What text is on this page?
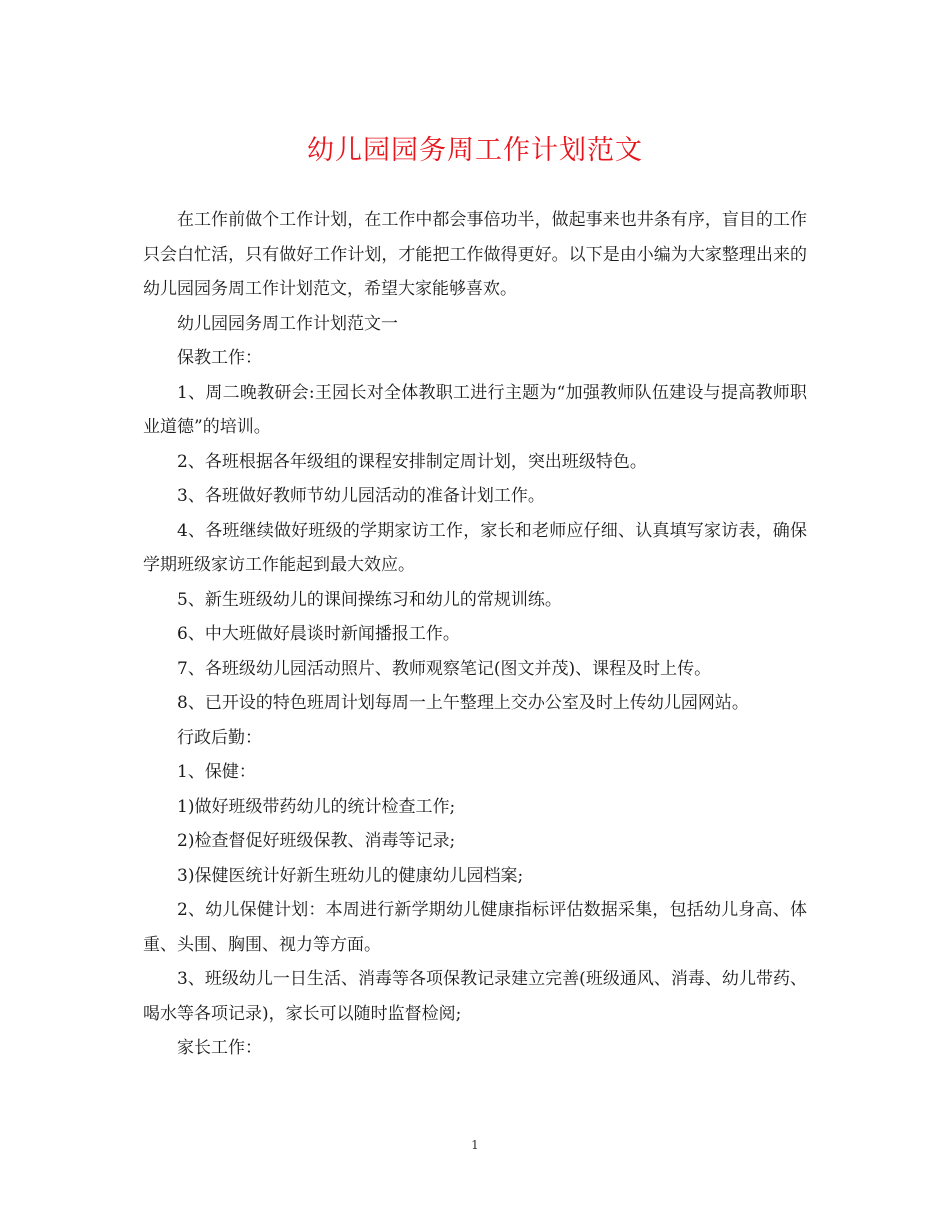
幼儿园园务周工作计划范文

在工作前做个工作计划，在工作中都会事倍功半，做起事来也井条有序，盲目的工作只会白忙活，只有做好工作计划，才能把工作做得更好。以下是由小编为大家整理出来的幼儿园园务周工作计划范文，希望大家能够喜欢。

幼儿园园务周工作计划范文一

保教工作：

1、周二晚教研会:王园长对全体教职工进行主题为“加强教师队伍建设与提高教师职业道德”的培训。

2、各班根据各年级组的课程安排制定周计划，突出班级特色。

3、各班做好教师节幼儿园活动的准备计划工作。

4、各班继续做好班级的学期家访工作，家长和老师应仔细、认真填写家访表，确保学期班级家访工作能起到最大效应。

5、新生班级幼儿的课间操练习和幼儿的常规训练。

6、中大班做好晨谈时新闻播报工作。

7、各班级幼儿园活动照片、教师观察笔记(图文并茂)、课程及时上传。

8、已开设的特色班周计划每周一上午整理上交办公室及时上传幼儿园网站。

行政后勤：

1、保健：

1)做好班级带药幼儿的统计检查工作;

2)检查督促好班级保教、消毒等记录;

3)保健医统计好新生班幼儿的健康幼儿园档案;

2、幼儿保健计划：本周进行新学期幼儿健康指标评估数据采集，包括幼儿身高、体重、头围、胸围、视力等方面。

3、班级幼儿一日生活、消毒等各项保教记录建立完善(班级通风、消毒、幼儿带药、喝水等各项记录)，家长可以随时监督检阅;

家长工作：

1
